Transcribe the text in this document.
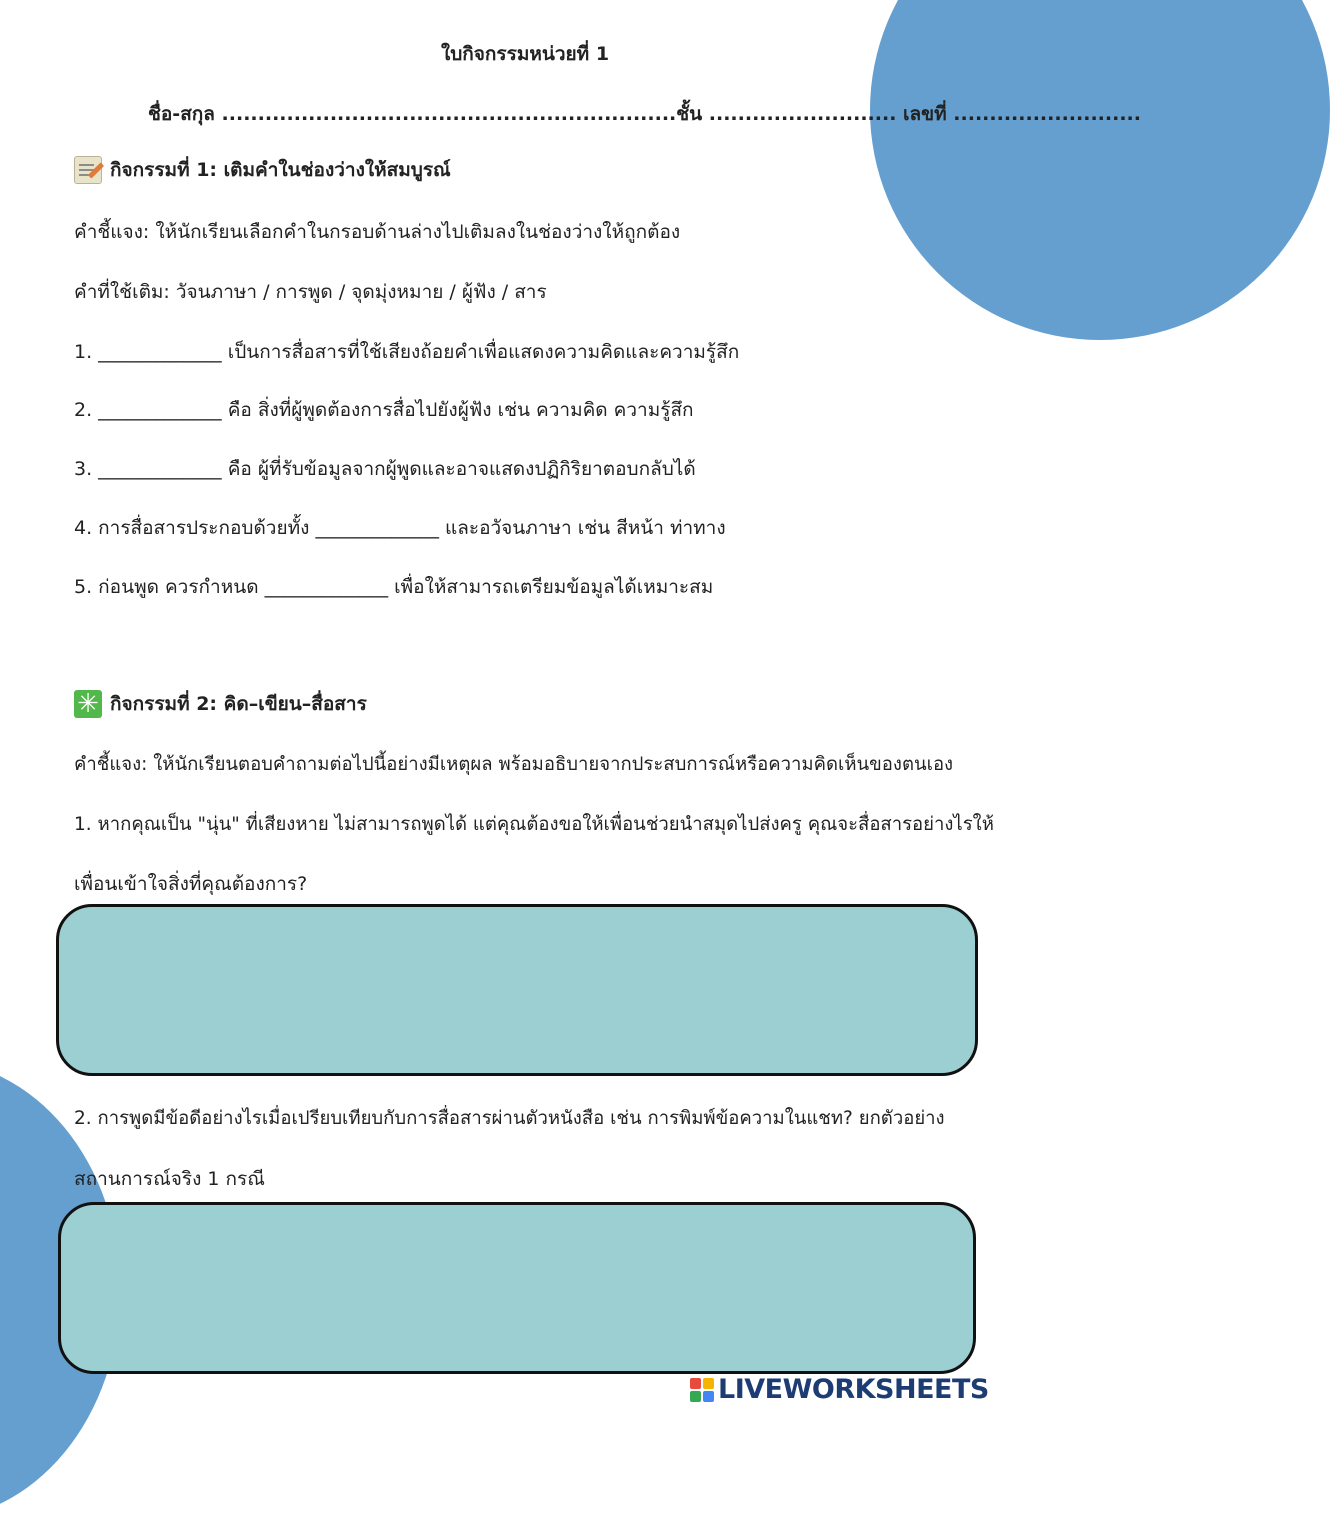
ใบกิจกรรมหน่วยที่ 1
ชื่อ-สกุล ...............................................................ชั้น .......................... เลขที่ ..........................
กิจกรรมที่ 1: เติมคำในช่องว่างให้สมบูรณ์
คำชี้แจง: ให้นักเรียนเลือกคำในกรอบด้านล่างไปเติมลงในช่องว่างให้ถูกต้อง
คำที่ใช้เติม: วัจนภาษา / การพูด / จุดมุ่งหมาย / ผู้ฟัง / สาร
1. _____________ เป็นการสื่อสารที่ใช้เสียงถ้อยคำเพื่อแสดงความคิดและความรู้สึก
2. _____________ คือ สิ่งที่ผู้พูดต้องการสื่อไปยังผู้ฟัง เช่น ความคิด ความรู้สึก
3. _____________ คือ ผู้ที่รับข้อมูลจากผู้พูดและอาจแสดงปฏิกิริยาตอบกลับได้
4. การสื่อสารประกอบด้วยทั้ง _____________ และอวัจนภาษา เช่น สีหน้า ท่าทาง
5. ก่อนพูด ควรกำหนด _____________ เพื่อให้สามารถเตรียมข้อมูลได้เหมาะสม
✳ กิจกรรมที่ 2: คิด–เขียน–สื่อสาร
คำชี้แจง: ให้นักเรียนตอบคำถามต่อไปนี้อย่างมีเหตุผล พร้อมอธิบายจากประสบการณ์หรือความคิดเห็นของตนเอง
1. หากคุณเป็น "นุ่น" ที่เสียงหาย ไม่สามารถพูดได้ แต่คุณต้องขอให้เพื่อนช่วยนำสมุดไปส่งครู คุณจะสื่อสารอย่างไรให้
เพื่อนเข้าใจสิ่งที่คุณต้องการ?
2. การพูดมีข้อดีอย่างไรเมื่อเปรียบเทียบกับการสื่อสารผ่านตัวหนังสือ เช่น การพิมพ์ข้อความในแชท? ยกตัวอย่าง
สถานการณ์จริง 1 กรณี
LIVEWORKSHEETS
